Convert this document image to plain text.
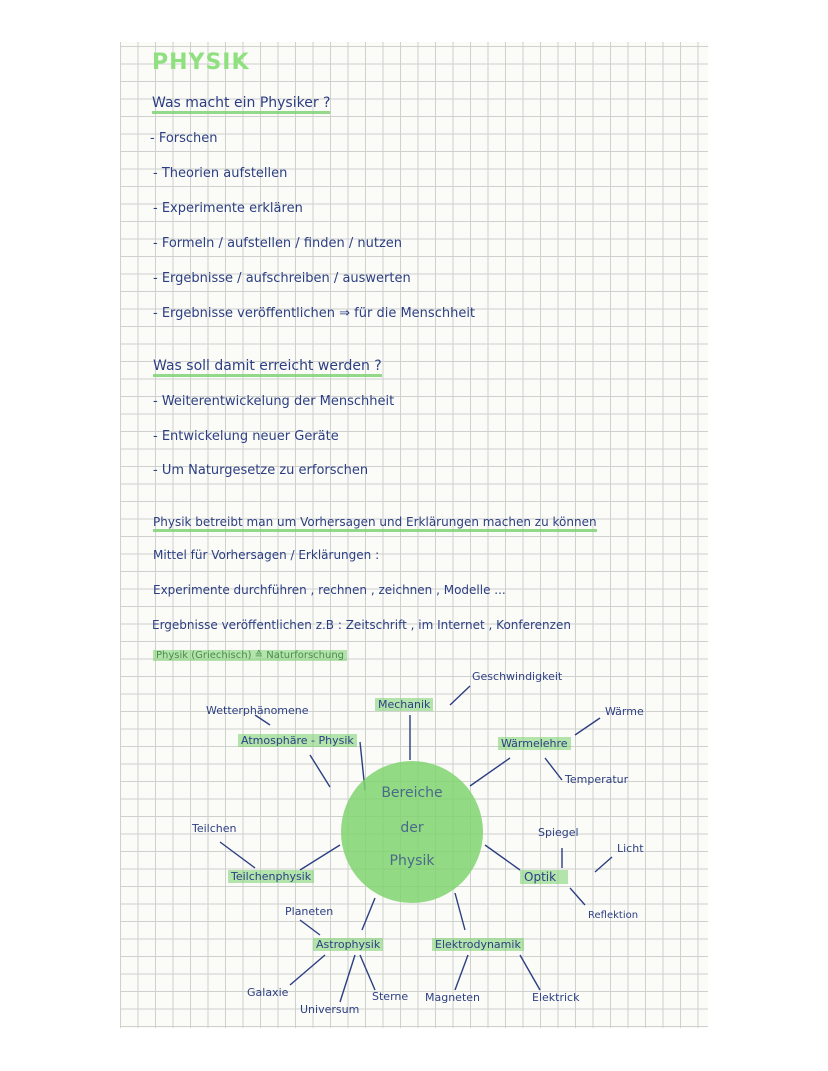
PHYSIK
Was macht ein Physiker ?
- Forschen
- Theorien aufstellen
- Experimente erklären
- Formeln / aufstellen / finden / nutzen
- Ergebnisse / aufschreiben / auswerten
- Ergebnisse veröffentlichen ⇒ für die Menschheit
Was soll damit erreicht werden ?
- Weiterentwickelung der Menschheit
- Entwickelung neuer Geräte
- Um Naturgesetze zu erforschen
Physik betreibt man um Vorhersagen und Erklärungen machen zu können
Mittel für Vorhersagen / Erklärungen :
Experimente durchführen , rechnen , zeichnen , Modelle ...
Ergebnisse veröffentlichen z.B : Zeitschrift , im Internet , Konferenzen
Physik (Griechisch) ≙ Naturforschung
Bereiche
der
Physik
Mechanik
Atmosphäre - Physik	Wärmelehre
Teilchenphysik	Optik
Astrophysik	Elektrodynamik
Geschwindigkeit
Wetterphänomene	Wärme
Temperatur
Teilchen	Spiegel
Licht
Reflektion
Planeten
Galaxie
Universum
Sterne Magneten	Elektrick
